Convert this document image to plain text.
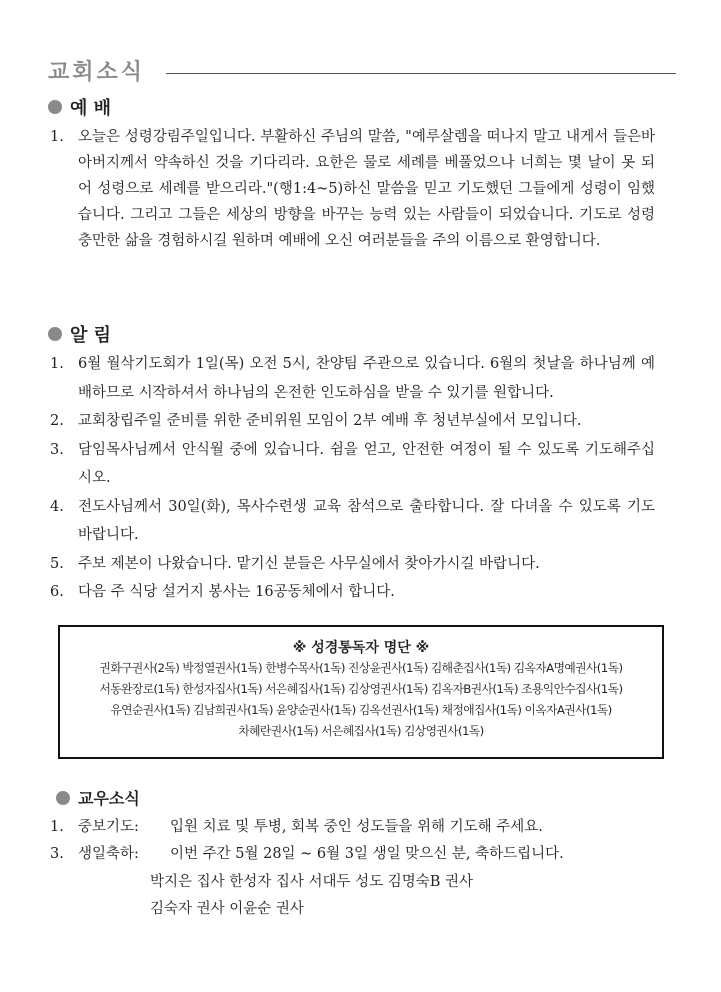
교회소식
예 배
1. 오늘은 성령강림주일입니다. 부활하신 주님의 말씀, "예루살렘을 떠나지 말고 내게서 들은바 아버지께서 약속하신 것을 기다리라. 요한은 물로 세례를 베풀었으나 너희는 몇 날이 못 되어 성령으로 세례를 받으리라."(행1:4~5)하신 말씀을 믿고 기도했던 그들에게 성령이 임했습니다. 그리고 그들은 세상의 방향을 바꾸는 능력 있는 사람들이 되었습니다. 기도로 성령 충만한 삶을 경험하시길 원하며 예배에 오신 여러분들을 주의 이름으로 환영합니다.
알 림
1. 6월 월삭기도회가 1일(목) 오전 5시, 찬양팀 주관으로 있습니다. 6월의 첫날을 하나님께 예배하므로 시작하셔서 하나님의 온전한 인도하심을 받을 수 있기를 원합니다.
2. 교회창립주일 준비를 위한 준비위원 모임이 2부 예배 후 청년부실에서 모입니다.
3. 담임목사님께서 안식월 중에 있습니다. 쉼을 얻고, 안전한 여정이 될 수 있도록 기도해주십시오.
4. 전도사님께서 30일(화), 목사수련생 교육 참석으로 출타합니다. 잘 다녀올 수 있도록 기도 바랍니다.
5. 주보 제본이 나왔습니다. 맡기신 분들은 사무실에서 찾아가시길 바랍니다.
6. 다음 주 식당 설거지 봉사는 16공동체에서 합니다.
※ 성경통독자 명단 ※
권화구권사(2독) 박정열권사(1독) 한병수목사(1독) 진상윤권사(1독) 김해춘집사(1독) 김옥자A명예권사(1독)
서동완장로(1독) 한성자집사(1독) 서은혜집사(1독) 김상영권사(1독) 김옥자B권사(1독) 조용익안수집사(1독)
유연순권사(1독) 김남희권사(1독) 윤양순권사(1독) 김옥선권사(1독) 채정애집사(1독) 이옥자A권사(1독)
차혜란권사(1독) 서은혜집사(1독) 김상영권사(1독)
교우소식
1. 중보기도:	입원 치료 및 투병, 회복 중인 성도들을 위해 기도해 주세요.
3. 생일축하:	이번 주간 5월 28일 ~ 6월 3일 생일 맞으신 분, 축하드립니다.
박지은 집사 한성자 집사 서대두 성도 김명숙B 권사
김숙자 권사 이윤순 권사
